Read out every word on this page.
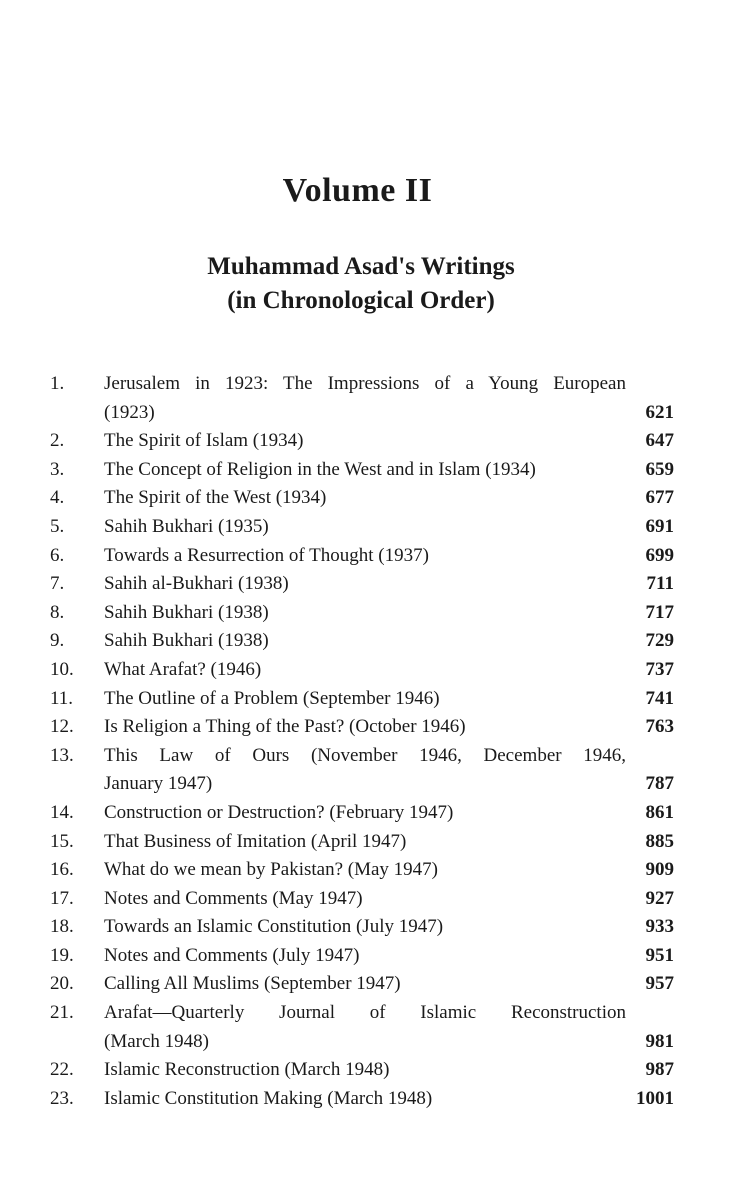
Volume II
Muhammad Asad's Writings
(in Chronological Order)
1.	Jerusalem in 1923: The Impressions of a Young European
(1923)	621
2.	The Spirit of Islam (1934)	647
3.	The Concept of Religion in the West and in Islam (1934)	659
4.	The Spirit of the West (1934)	677
5.	Sahih Bukhari (1935)	691
6.	Towards a Resurrection of Thought (1937)	699
7.	Sahih al-Bukhari (1938)	711
8.	Sahih Bukhari (1938)	717
9.	Sahih Bukhari (1938)	729
10.	What Arafat? (1946)	737
11.	The Outline of a Problem (September 1946)	741
12.	Is Religion a Thing of the Past? (October 1946)	763
13.	This Law of Ours (November 1946, December 1946,
January 1947)	787
14.	Construction or Destruction? (February 1947)	861
15.	That Business of Imitation (April 1947)	885
16.	What do we mean by Pakistan? (May 1947)	909
17.	Notes and Comments (May 1947)	927
18.	Towards an Islamic Constitution (July 1947)	933
19.	Notes and Comments (July 1947)	951
20.	Calling All Muslims (September 1947)	957
21.	Arafat—Quarterly Journal of Islamic Reconstruction
(March 1948)	981
22.	Islamic Reconstruction (March 1948)	987
23.	Islamic Constitution Making (March 1948)	1001
